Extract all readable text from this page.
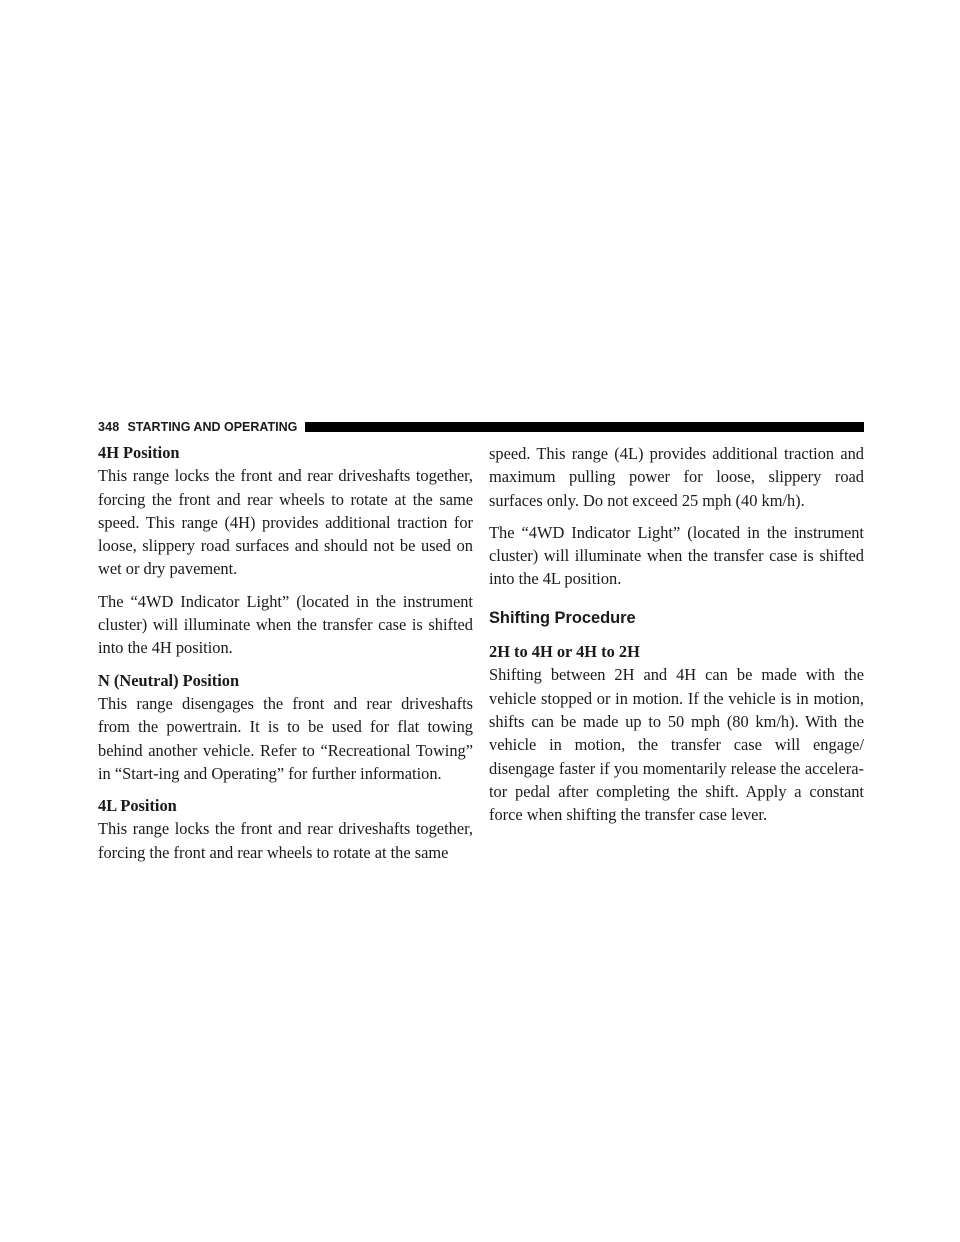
348 STARTING AND OPERATING
4H Position

This range locks the front and rear driveshafts together, forcing the front and rear wheels to rotate at the same speed. This range (4H) provides additional traction for loose, slippery road surfaces and should not be used on wet or dry pavement.

The “4WD Indicator Light” (located in the instrument cluster) will illuminate when the transfer case is shifted into the 4H position.

N (Neutral) Position

This range disengages the front and rear driveshafts from the powertrain. It is to be used for flat towing behind another vehicle. Refer to “Recreational Towing” in “Start-ing and Operating” for further information.

4L Position

This range locks the front and rear driveshafts together, forcing the front and rear wheels to rotate at the same

speed. This range (4L) provides additional traction and maximum pulling power for loose, slippery road surfaces only. Do not exceed 25 mph (40 km/h).

The “4WD Indicator Light” (located in the instrument cluster) will illuminate when the transfer case is shifted into the 4L position.

Shifting Procedure
2H to 4H or 4H to 2H

Shifting between 2H and 4H can be made with the vehicle stopped or in motion. If the vehicle is in motion, shifts can be made up to 50 mph (80 km/h). With the vehicle in motion, the transfer case will engage/ disengage faster if you momentarily release the accelera-tor pedal after completing the shift. Apply a constant force when shifting the transfer case lever.
